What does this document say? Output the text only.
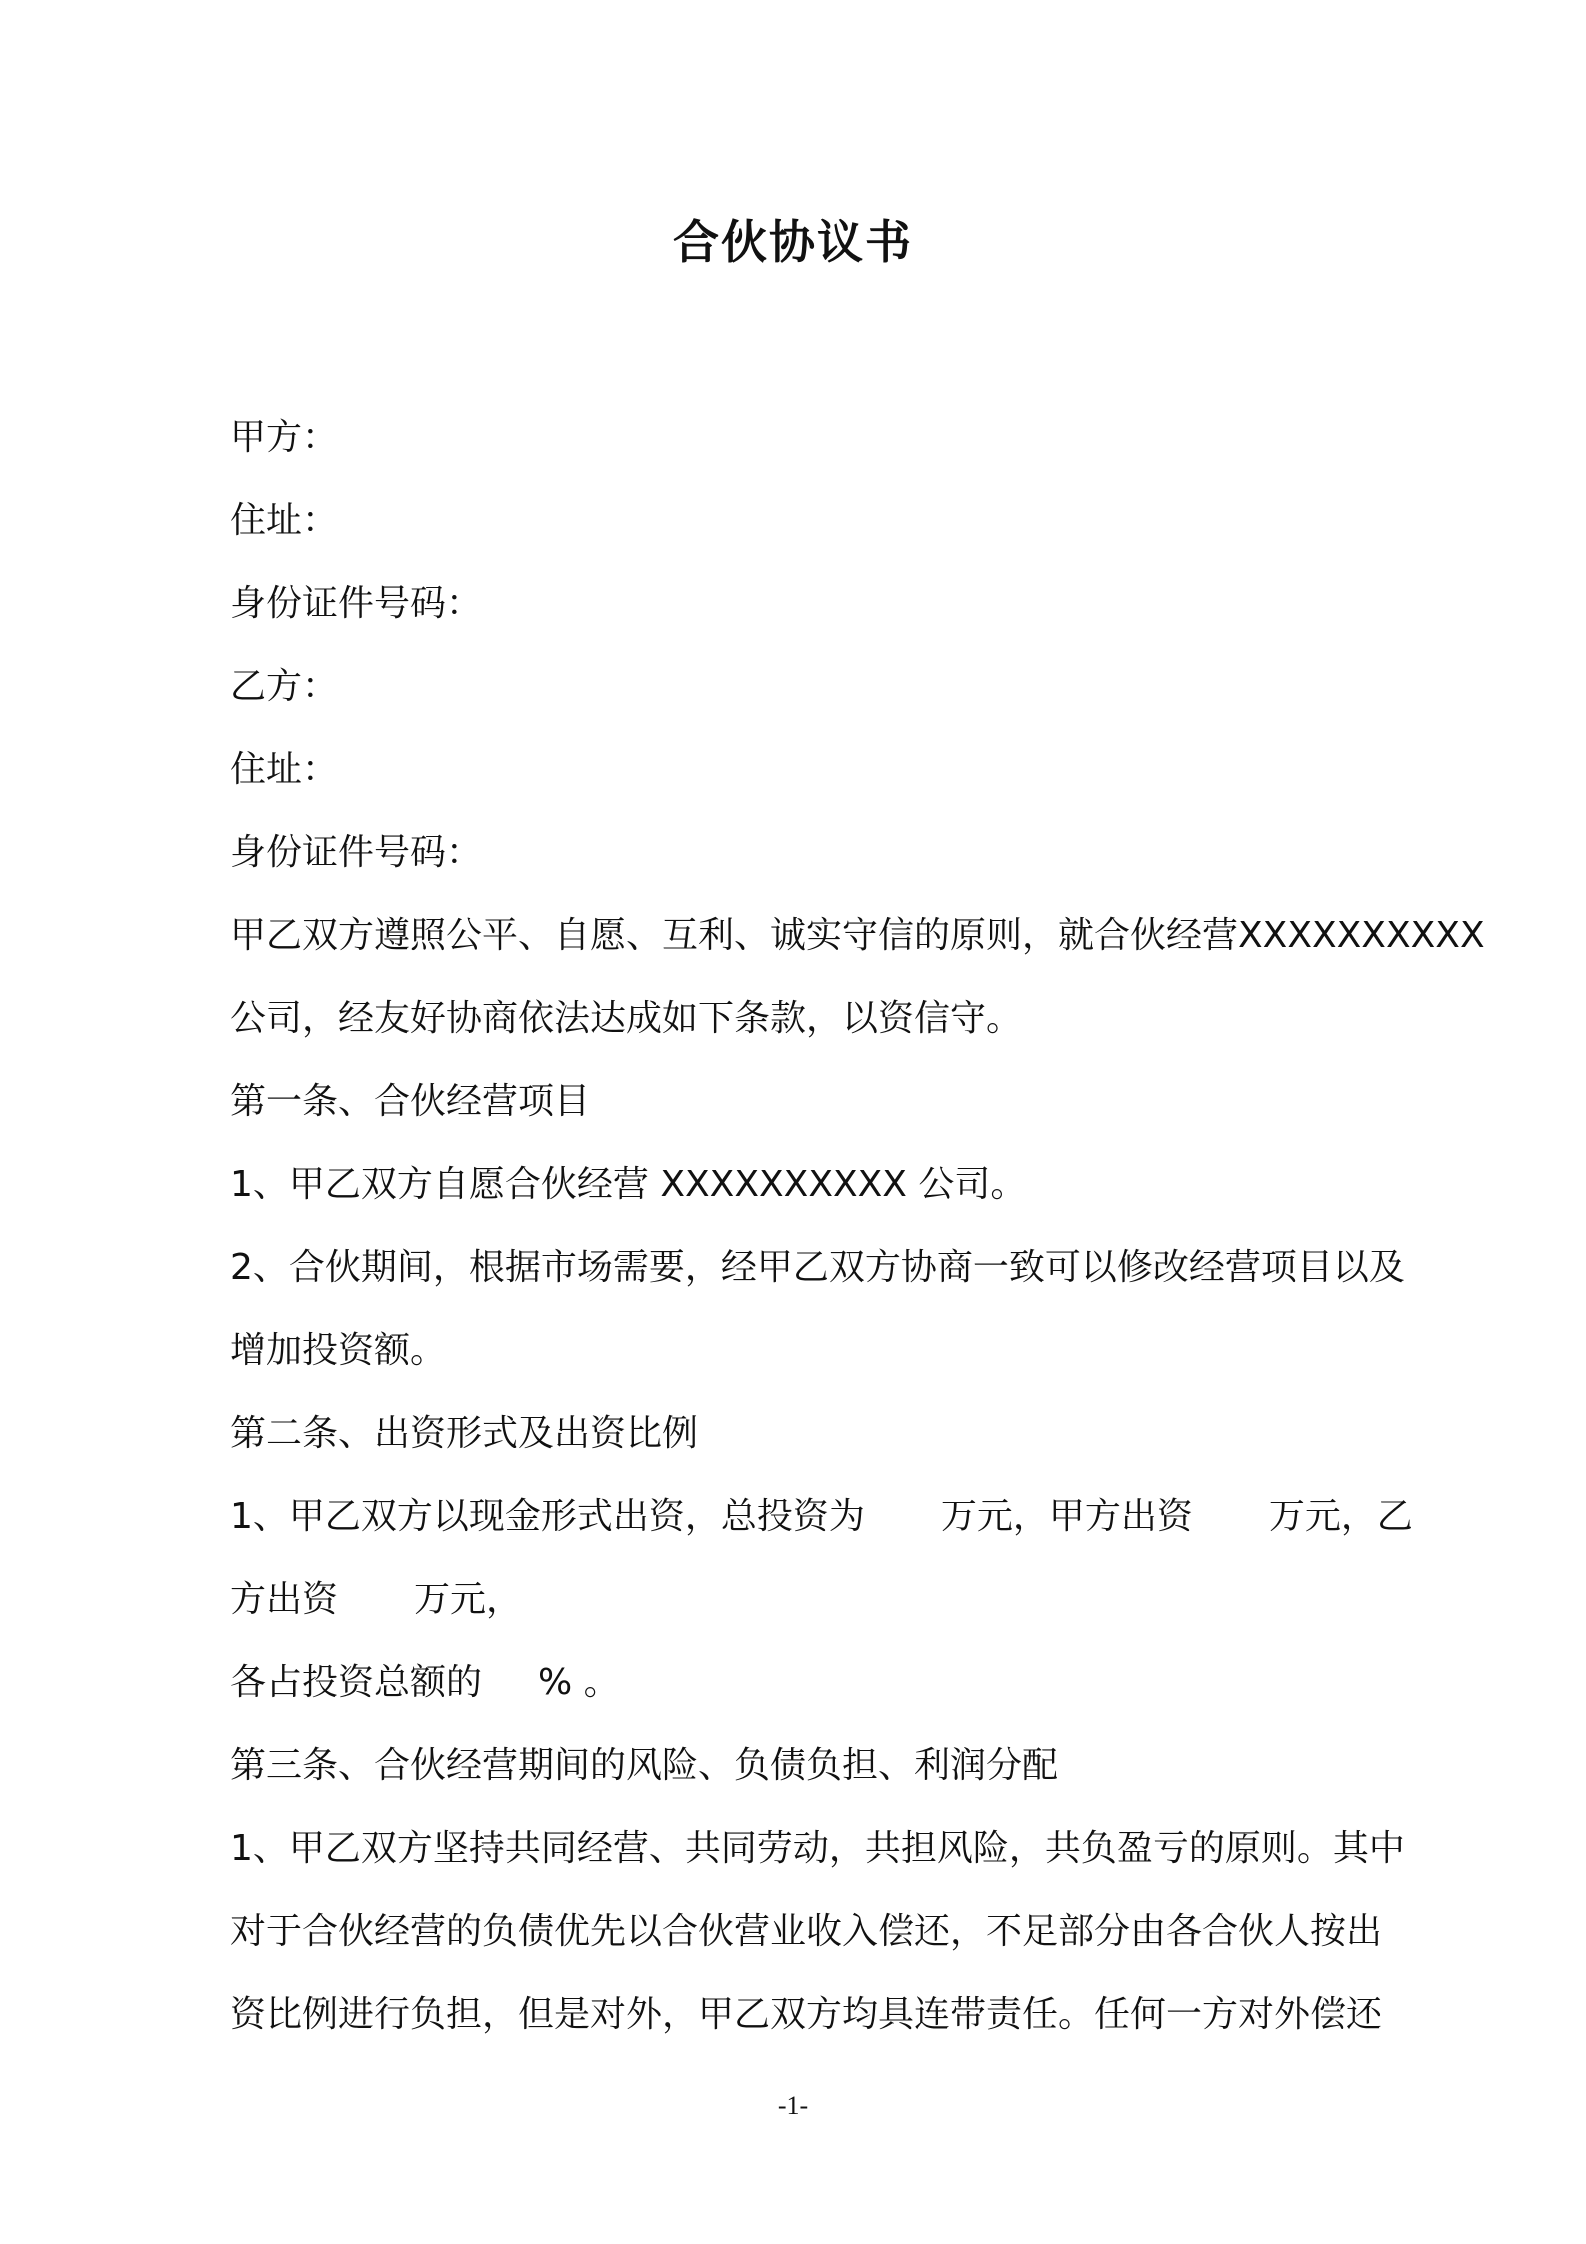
合伙协议书
甲方：
住址：
身份证件号码：
乙方：
住址：
身份证件号码：
甲乙双方遵照公平、自愿、互利、诚实守信的原则，就合伙经营XXXXXXXXXX
公司，经友好协商依法达成如下条款，以资信守。
第一条、合伙经营项目
1、甲乙双方自愿合伙经营 XXXXXXXXXX 公司。
2、合伙期间，根据市场需要，经甲乙双方协商一致可以修改经营项目以及
增加投资额。
第二条、出资形式及出资比例
1、甲乙双方以现金形式出资，总投资为 万元，甲方出资 万元，乙
方出资 万元，
各占投资总额的 % 。
第三条、合伙经营期间的风险、负债负担、利润分配
1、甲乙双方坚持共同经营、共同劳动，共担风险，共负盈亏的原则。其中
对于合伙经营的负债优先以合伙营业收入偿还，不足部分由各合伙人按出
资比例进行负担，但是对外，甲乙双方均具连带责任。任何一方对外偿还
-1-
